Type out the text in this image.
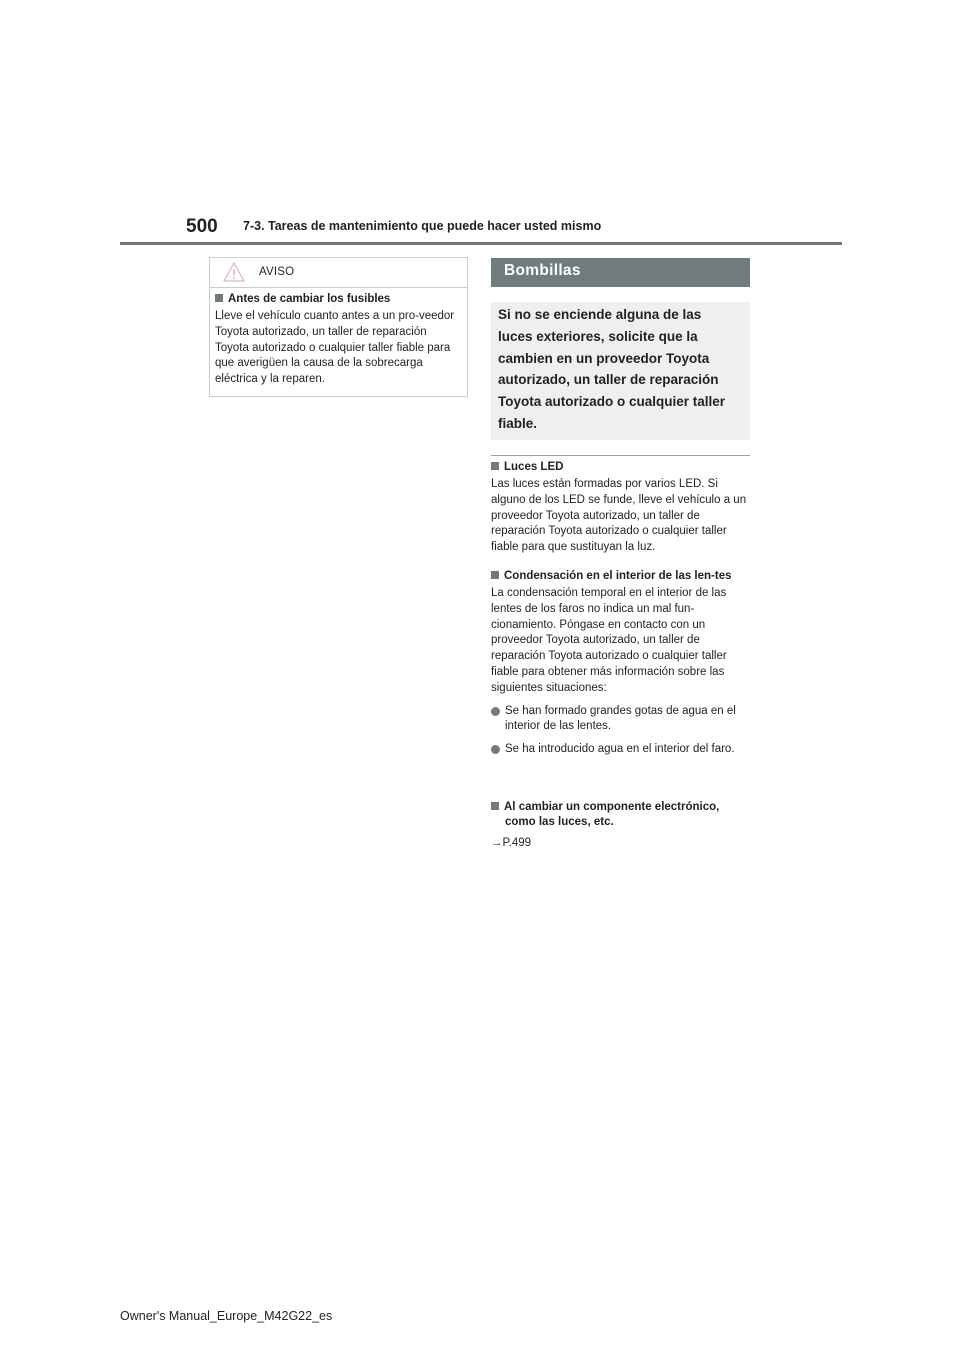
500 7-3. Tareas de mantenimiento que puede hacer usted mismo
AVISO
Antes de cambiar los fusibles
Lleve el vehículo cuanto antes a un pro-veedor Toyota autorizado, un taller de reparación Toyota autorizado o cualquier taller fiable para que averigüen la causa de la sobrecarga eléctrica y la reparen.
Bombillas
Si no se enciende alguna de las luces exteriores, solicite que la cambien en un proveedor Toyota autorizado, un taller de reparación Toyota autorizado o cualquier taller fiable.
Luces LED
Las luces están formadas por varios LED. Si alguno de los LED se funde, lleve el vehículo a un proveedor Toyota autorizado, un taller de reparación Toyota autorizado o cualquier taller fiable para que sustituyan la luz.
Condensación en el interior de las len-tes
La condensación temporal en el interior de las lentes de los faros no indica un mal fun-cionamiento. Póngase en contacto con un proveedor Toyota autorizado, un taller de reparación Toyota autorizado o cualquier taller fiable para obtener más información sobre las siguientes situaciones:
Se han formado grandes gotas de agua en el interior de las lentes.
Se ha introducido agua en el interior del faro.
Al cambiar un componente electrónico, como las luces, etc.
→P.499
Owner's Manual_Europe_M42G22_es
